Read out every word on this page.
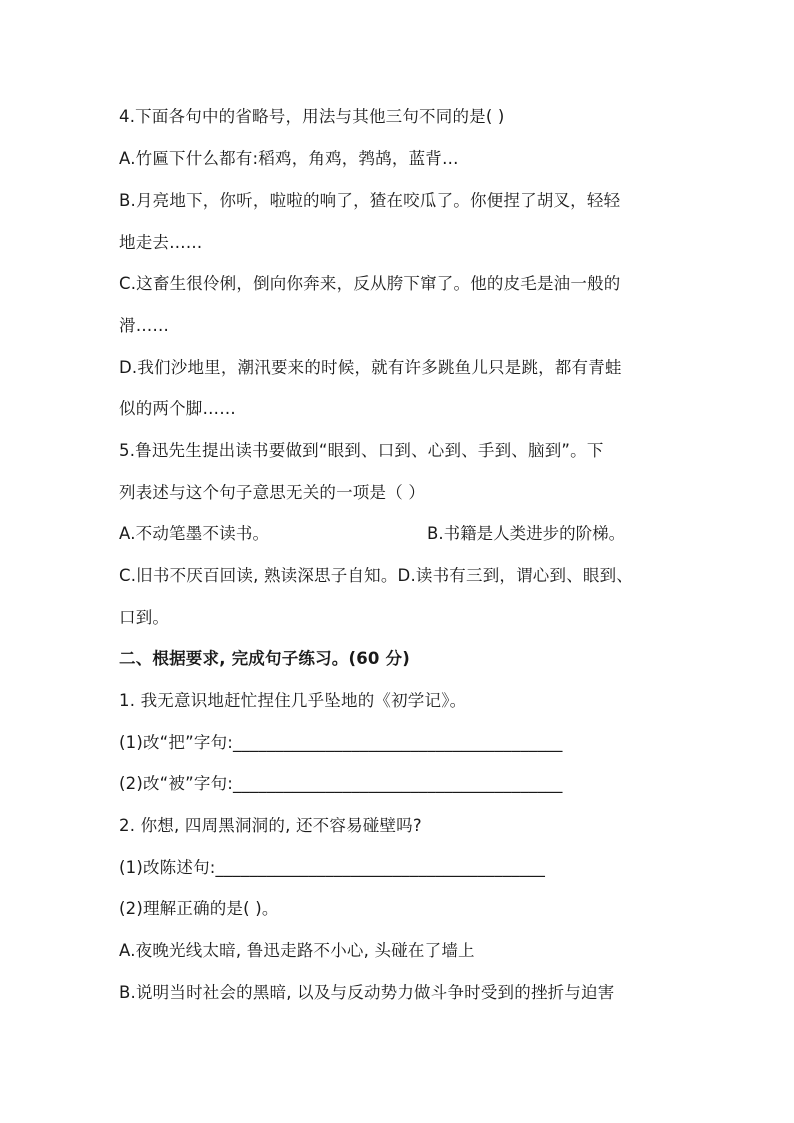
4.下面各句中的省略号，用法与其他三句不同的是( )
A.竹匾下什么都有:稻鸡，角鸡，鹁鸪，蓝背…
B.月亮地下，你听，啦啦的响了，猹在咬瓜了。你便捏了胡叉，轻轻
地走去……
C.这畜生很伶俐，倒向你奔来，反从胯下窜了。他的皮毛是油一般的
滑……
D.我们沙地里，潮汛要来的时候，就有许多跳鱼儿只是跳，都有青蛙
似的两个脚……
5.鲁迅先生提出读书要做到“眼到、口到、心到、手到、脑到”。下
列表述与这个句子意思无关的一项是（ ）
A.不动笔墨不读书。	B.书籍是人类进步的阶梯。
C.旧书不厌百回读, 熟读深思子自知。D.读书有三到，谓心到、眼到、
口到。
二、根据要求, 完成句子练习。(60 分)
1. 我无意识地赶忙捏住几乎坠地的《初学记》。
(1)改“把”字句:_______________________________________
(2)改“被”字句:_______________________________________
2. 你想, 四周黑洞洞的, 还不容易碰壁吗?
(1)改陈述句:_______________________________________
(2)理解正确的是( )。
A.夜晚光线太暗, 鲁迅走路不小心, 头碰在了墙上
B.说明当时社会的黑暗, 以及与反动势力做斗争时受到的挫折与迫害
